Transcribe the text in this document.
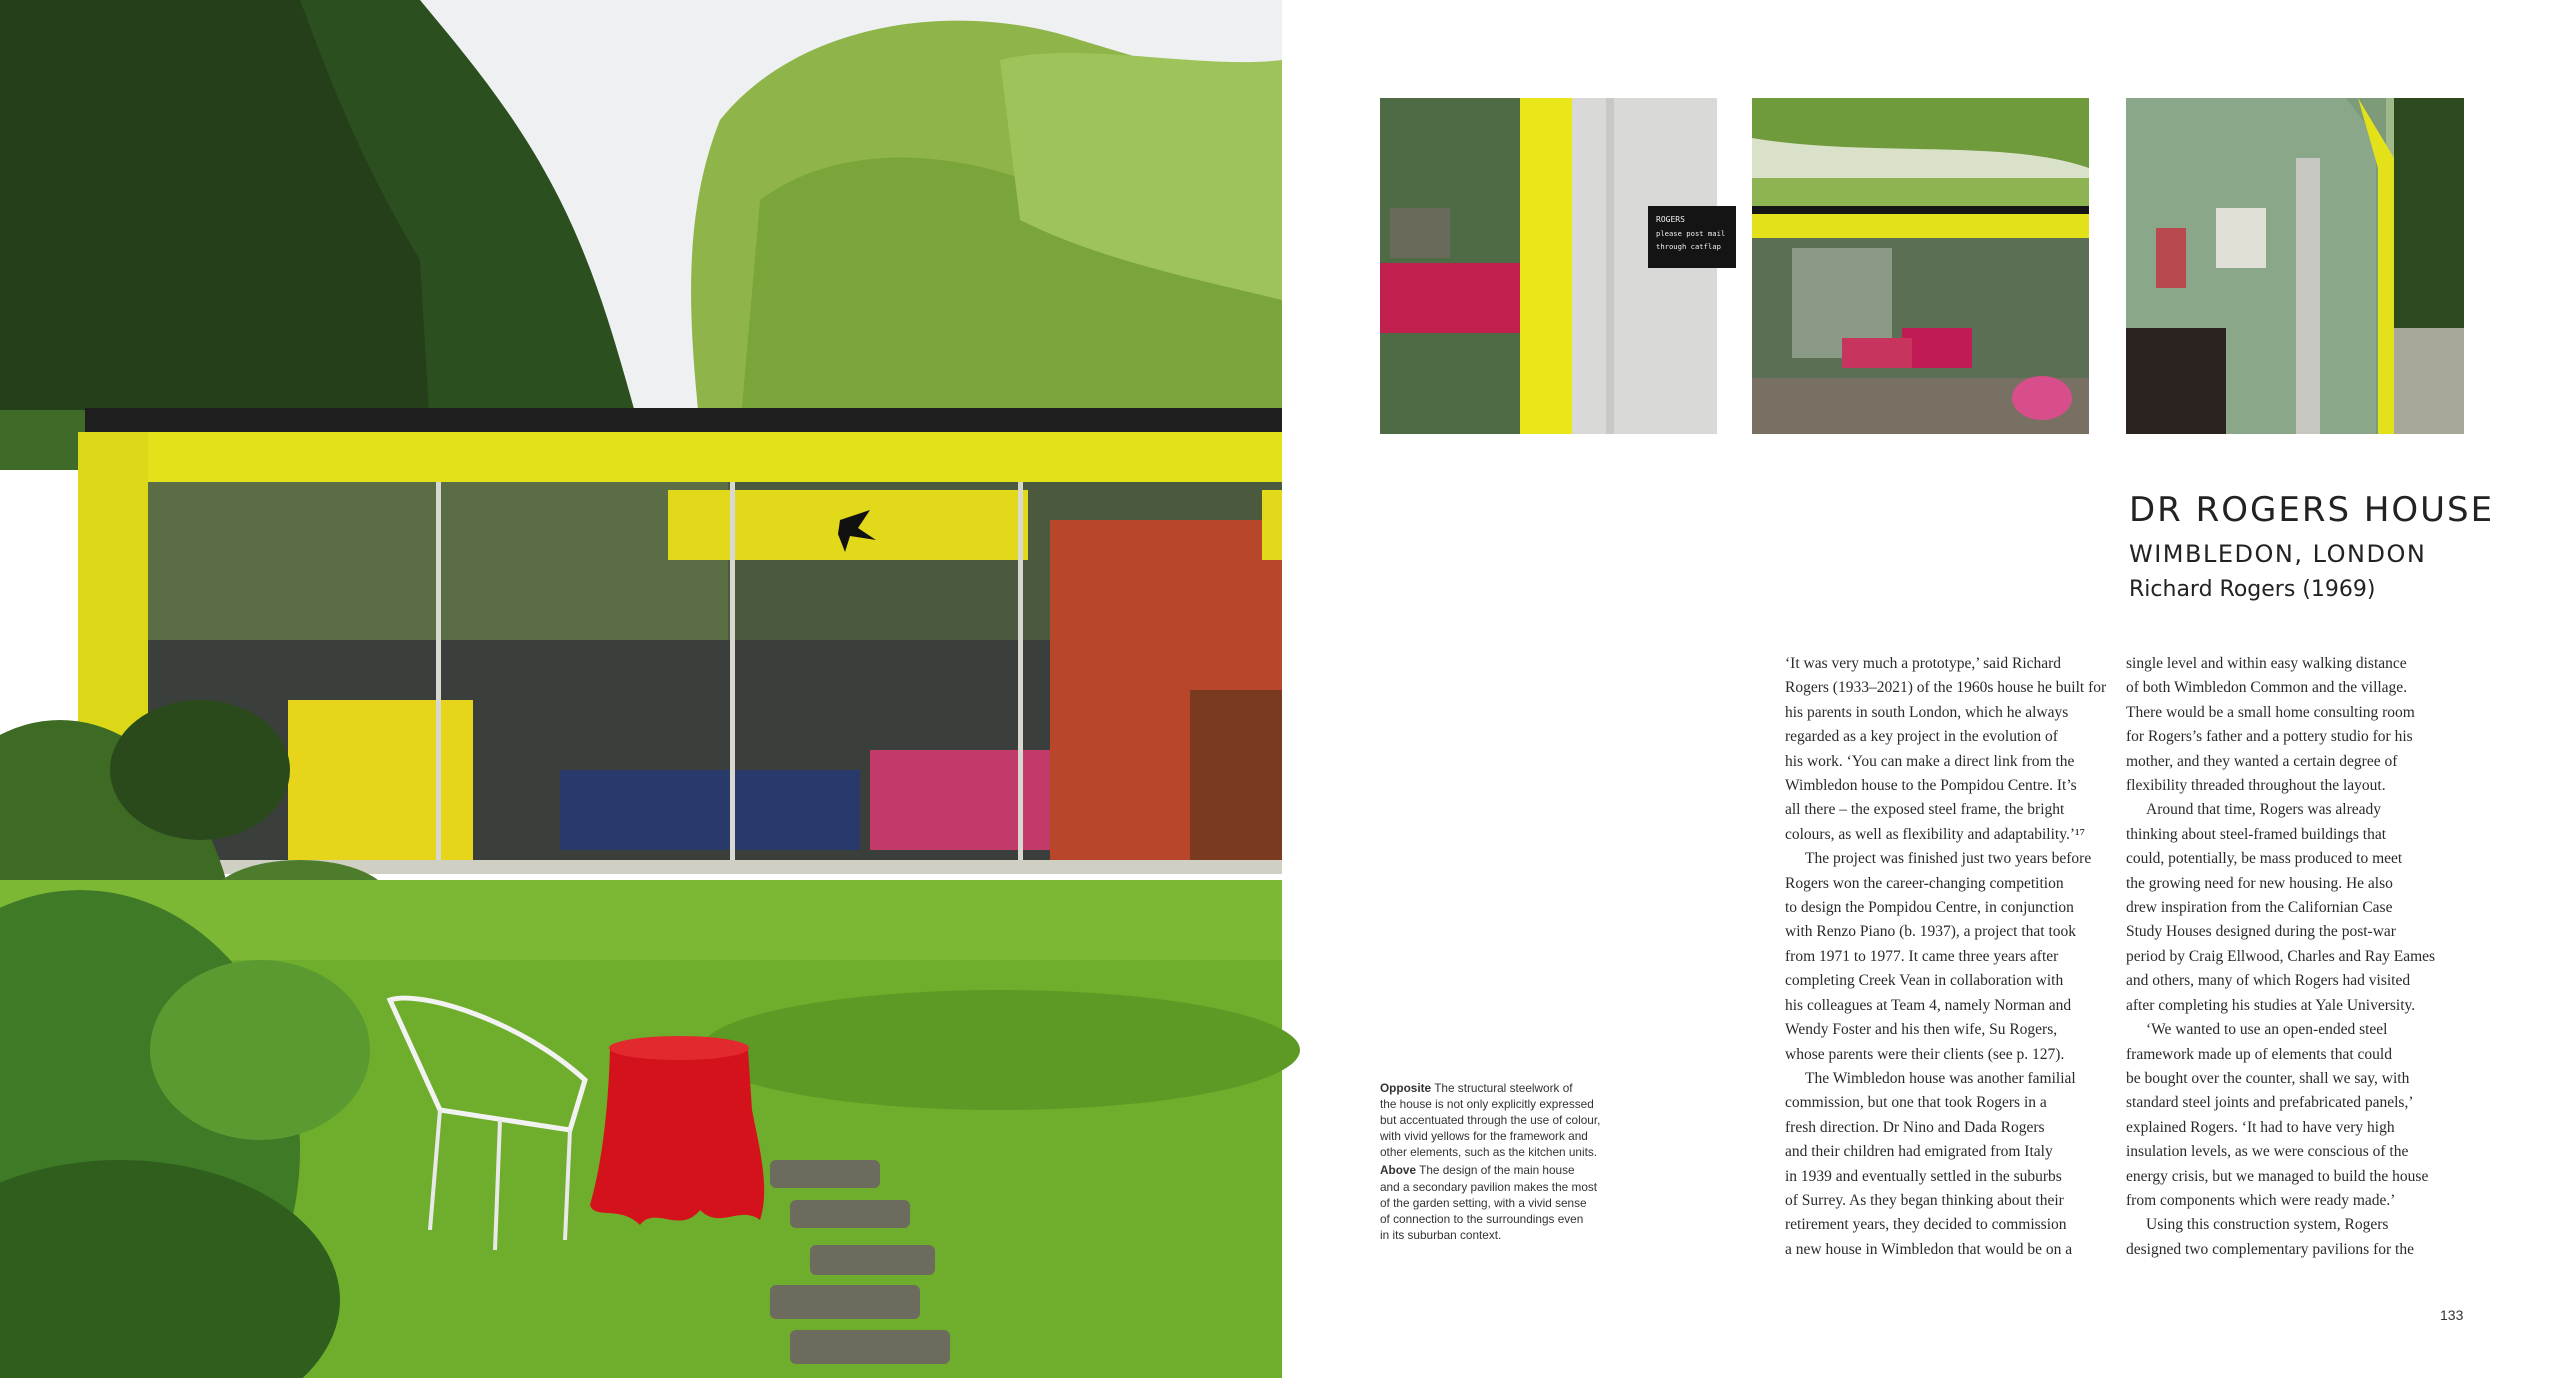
ROGERS
please post mail
through catflap
DR ROGERS HOUSE
WIMBLEDON, LONDON
Richard Rogers (1969)

‘It was very much a prototype,’ said Richard
Rogers (1933–2021) of the 1960s house he built for
his parents in south London, which he always
regarded as a key project in the evolution of
his work. ‘You can make a direct link from the
Wimbledon house to the Pompidou Centre. It’s
all there – the exposed steel frame, the bright
colours, as well as flexibility and adaptability.’¹⁷

The project was finished just two years before
Rogers won the career-changing competition
to design the Pompidou Centre, in conjunction
with Renzo Piano (b. 1937), a project that took
from 1971 to 1977. It came three years after
completing Creek Vean in collaboration with
his colleagues at Team 4, namely Norman and
Wendy Foster and his then wife, Su Rogers,
whose parents were their clients (see p. 127).

The Wimbledon house was another familial
commission, but one that took Rogers in a
fresh direction. Dr Nino and Dada Rogers
and their children had emigrated from Italy
in 1939 and eventually settled in the suburbs
of Surrey. As they began thinking about their
retirement years, they decided to commission
a new house in Wimbledon that would be on a

single level and within easy walking distance
of both Wimbledon Common and the village.
There would be a small home consulting room
for Rogers’s father and a pottery studio for his
mother, and they wanted a certain degree of
flexibility threaded throughout the layout.

Around that time, Rogers was already
thinking about steel-framed buildings that
could, potentially, be mass produced to meet
the growing need for new housing. He also
drew inspiration from the Californian Case
Study Houses designed during the post-war
period by Craig Ellwood, Charles and Ray Eames
and others, many of which Rogers had visited
after completing his studies at Yale University.

‘We wanted to use an open-ended steel
framework made up of elements that could
be bought over the counter, shall we say, with
standard steel joints and prefabricated panels,’
explained Rogers. ‘It had to have very high
insulation levels, as we were conscious of the
energy crisis, but we managed to build the house
from components which were ready made.’

Using this construction system, Rogers
designed two complementary pavilions for the

Opposite The structural steelwork of
the house is not only explicitly expressed
but accentuated through the use of colour,
with vivid yellows for the framework and
other elements, such as the kitchen units.
Above The design of the main house
and a secondary pavilion makes the most
of the garden setting, with a vivid sense
of connection to the surroundings even
in its suburban context.
133
